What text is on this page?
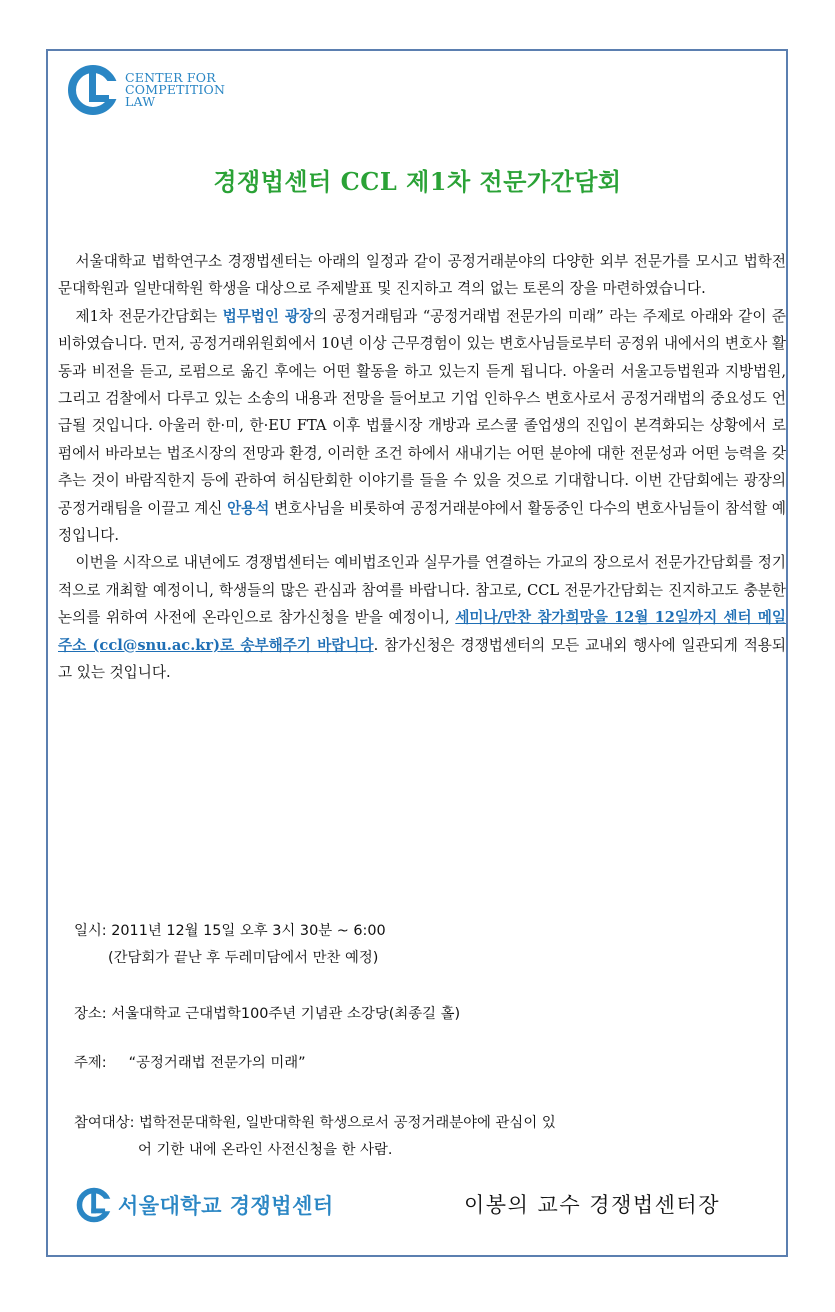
CENTER FOR
COMPETITION
LAW
경쟁법센터 CCL 제1차 전문가간담회

서울대학교 법학연구소 경쟁법센터는 아래의 일정과 같이 공정거래분야의 다양한 외부 전문가를 모시고 법학전문대학원과 일반대학원 학생을 대상으로 주제발표 및 진지하고 격의 없는 토론의 장을 마련하였습니다.

제1차 전문가간담회는 법무법인 광장의 공정거래팀과 “공정거래법 전문가의 미래” 라는 주제로 아래와 같이 준비하였습니다. 먼저, 공정거래위원회에서 10년 이상 근무경험이 있는 변호사님들로부터 공정위 내에서의 변호사 활동과 비전을 듣고, 로펌으로 옮긴 후에는 어떤 활동을 하고 있는지 듣게 됩니다. 아울러 서울고등법원과 지방법원, 그리고 검찰에서 다루고 있는 소송의 내용과 전망을 들어보고 기업 인하우스 변호사로서 공정거래법의 중요성도 언급될 것입니다. 아울러 한·미, 한·EU FTA 이후 법률시장 개방과 로스쿨 졸업생의 진입이 본격화되는 상황에서 로펌에서 바라보는 법조시장의 전망과 환경, 이러한 조건 하에서 새내기는 어떤 분야에 대한 전문성과 어떤 능력을 갖추는 것이 바람직한지 등에 관하여 허심탄회한 이야기를 들을 수 있을 것으로 기대합니다. 이번 간담회에는 광장의 공정거래팀을 이끌고 계신 안용석 변호사님을 비롯하여 공정거래분야에서 활동중인 다수의 변호사님들이 참석할 예정입니다.

이번을 시작으로 내년에도 경쟁법센터는 예비법조인과 실무가를 연결하는 가교의 장으로서 전문가간담회를 정기적으로 개최할 예정이니, 학생들의 많은 관심과 참여를 바랍니다. 참고로, CCL 전문가간담회는 진지하고도 충분한 논의를 위하여 사전에 온라인으로 참가신청을 받을 예정이니, 세미나/만찬 참가희망을 12월 12일까지 센터 메일주소 (ccl@snu.ac.kr)로 송부해주기 바랍니다. 참가신청은 경쟁법센터의 모든 교내외 행사에 일관되게 적용되고 있는 것입니다.

일시: 2011년 12월 15일 오후 3시 30분 ~ 6:00
(간담회가 끝난 후 두레미담에서 만찬 예정)
장소: 서울대학교 근대법학100주년 기념관 소강당(최종길 홀)
주제: “공정거래법 전문가의 미래”
참여대상: 법학전문대학원, 일반대학원 학생으로서 공정거래분야에 관심이 있
어 기한 내에 온라인 사전신청을 한 사람.
서울대학교 경쟁법센터	이봉의 교수 경쟁법센터장
